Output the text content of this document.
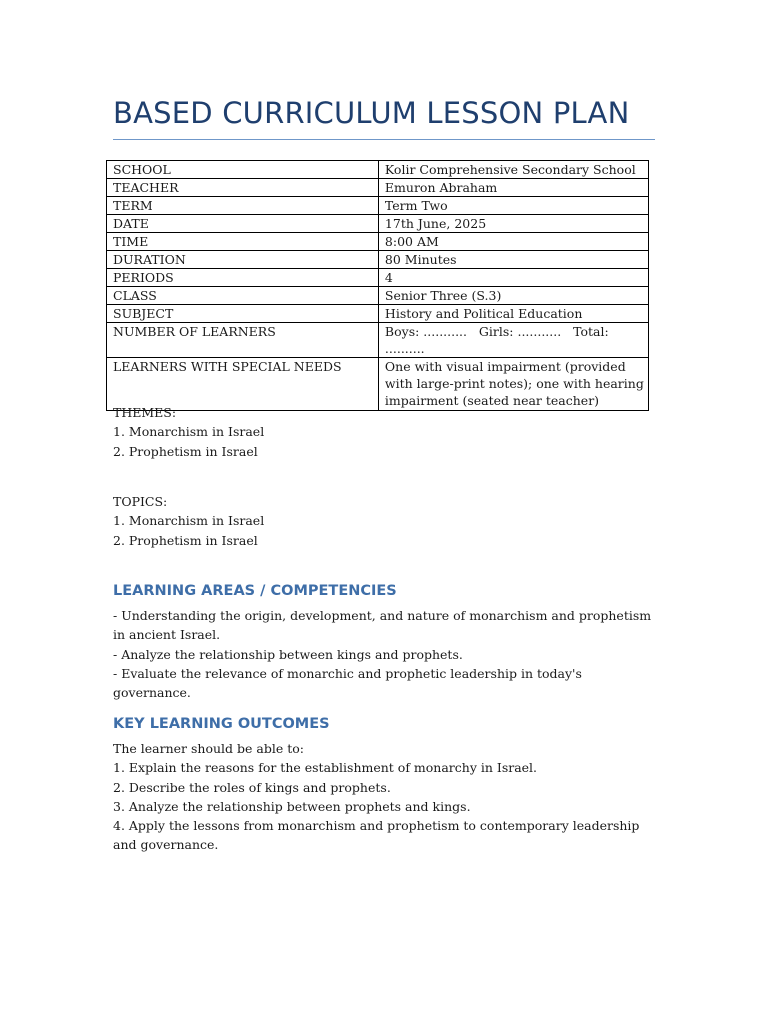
BASED CURRICULUM LESSON PLAN
SCHOOL	Kolir Comprehensive Secondary School
TEACHER	Emuron Abraham
TERM	Term Two
DATE	17th June, 2025
TIME	8:00 AM
DURATION	80 Minutes
PERIODS	4
CLASS	Senior Three (S.3)
SUBJECT	History and Political Education
NUMBER OF LEARNERS	Boys: ...........   Girls: ...........   Total: ..........
LEARNERS WITH SPECIAL NEEDS	One with visual impairment (provided with large-print notes); one with hearing impairment (seated near teacher)

THEMES:

1. Monarchism in Israel

2. Prophetism in Israel

TOPICS:

1. Monarchism in Israel

2. Prophetism in Israel

LEARNING AREAS / COMPETENCIES

- Understanding the origin, development, and nature of monarchism and prophetism in ancient Israel.

- Analyze the relationship between kings and prophets.

- Evaluate the relevance of monarchic and prophetic leadership in today's governance.

KEY LEARNING OUTCOMES

The learner should be able to:

1. Explain the reasons for the establishment of monarchy in Israel.

2. Describe the roles of kings and prophets.

3. Analyze the relationship between prophets and kings.

4. Apply the lessons from monarchism and prophetism to contemporary leadership and governance.
